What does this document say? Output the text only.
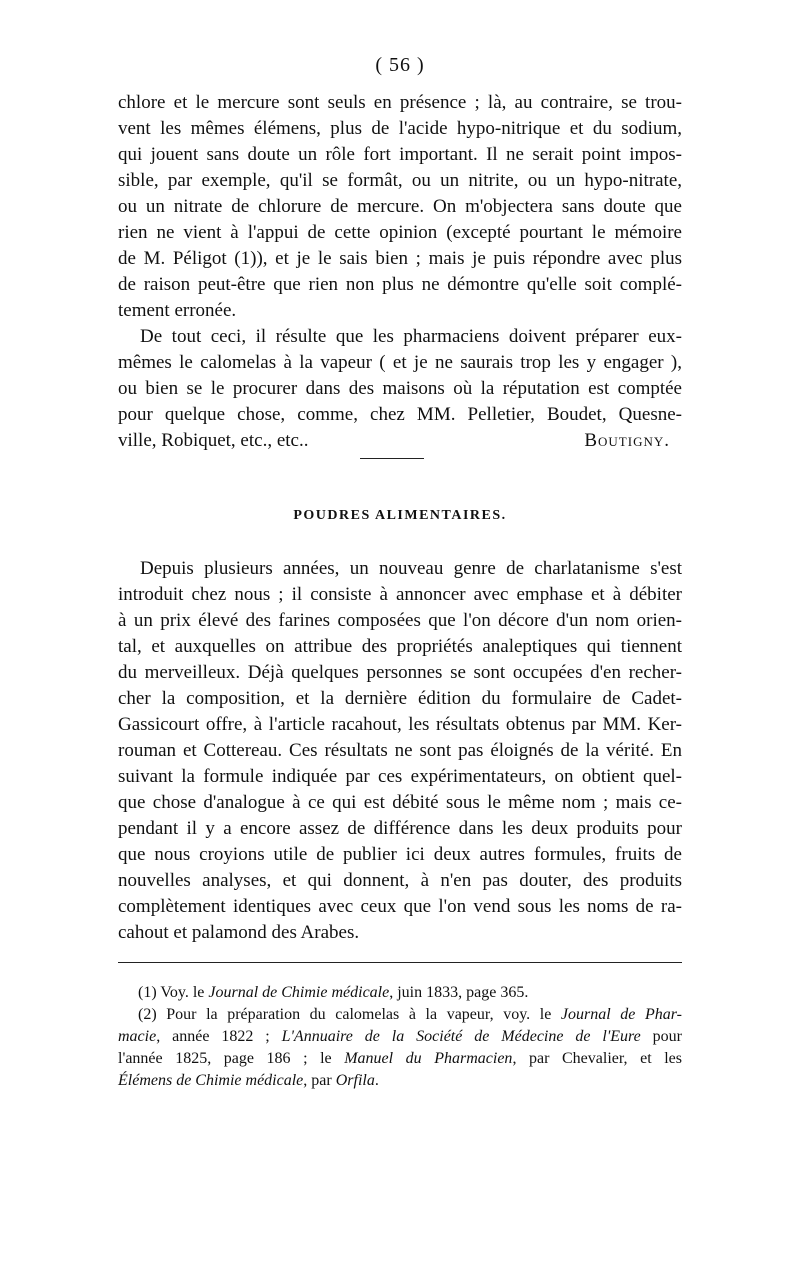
( 56 )
chlore et le mercure sont seuls en présence ; là, au contraire, se trou-
vent les mêmes élémens, plus de l'acide hypo-nitrique et du sodium,
qui jouent sans doute un rôle fort important. Il ne serait point impos-
sible, par exemple, qu'il se formât, ou un nitrite, ou un hypo-nitrate,
ou un nitrate de chlorure de mercure. On m'objectera sans doute que
rien ne vient à l'appui de cette opinion (excepté pourtant le mémoire
de M. Péligot (1)), et je le sais bien ; mais je puis répondre avec plus
de raison peut-être que rien non plus ne démontre qu'elle soit complé-
tement erronée.
De tout ceci, il résulte que les pharmaciens doivent préparer eux-
mêmes le calomelas à la vapeur ( et je ne saurais trop les y engager ),
ou bien se le procurer dans des maisons où la réputation est comptée
pour quelque chose, comme, chez MM. Pelletier, Boudet, Quesne-
ville, Robiquet, etc., etc..	Boutigny.
POUDRES ALIMENTAIRES.
Depuis plusieurs années, un nouveau genre de charlatanisme s'est
introduit chez nous ; il consiste à annoncer avec emphase et à débiter
à un prix élevé des farines composées que l'on décore d'un nom orien-
tal, et auxquelles on attribue des propriétés analeptiques qui tiennent
du merveilleux. Déjà quelques personnes se sont occupées d'en recher-
cher la composition, et la dernière édition du formulaire de Cadet-
Gassicourt offre, à l'article racahout, les résultats obtenus par MM. Ker-
rouman et Cottereau. Ces résultats ne sont pas éloignés de la vérité. En
suivant la formule indiquée par ces expérimentateurs, on obtient quel-
que chose d'analogue à ce qui est débité sous le même nom ; mais ce-
pendant il y a encore assez de différence dans les deux produits pour
que nous croyions utile de publier ici deux autres formules, fruits de
nouvelles analyses, et qui donnent, à n'en pas douter, des produits
complètement identiques avec ceux que l'on vend sous les noms de ra-
cahout et palamond des Arabes.
(1) Voy. le Journal de Chimie médicale, juin 1833, page 365.
(2) Pour la préparation du calomelas à la vapeur, voy. le Journal de Phar-
macie, année 1822 ; L'Annuaire de la Société de Médecine de l'Eure pour
l'année 1825, page 186 ; le Manuel du Pharmacien, par Chevalier, et les
Élémens de Chimie médicale, par Orfila.
